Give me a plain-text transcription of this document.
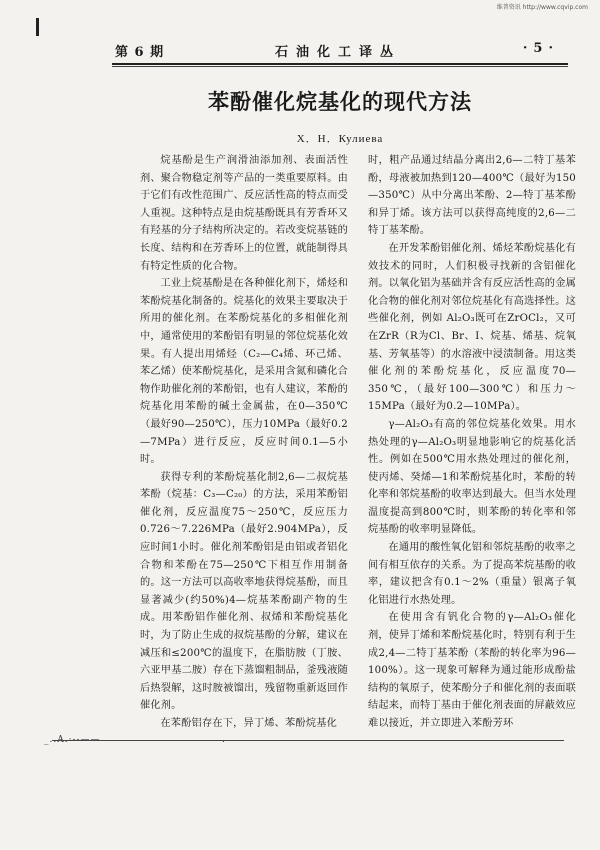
维普资讯 http://www.cqvip.com
第 6 期	石油化工译丛	·5·
苯酚催化烷基化的现代方法
X．H．Кулиева

烷基酚是生产润滑油添加剂、表面活性剂、聚合物稳定剂等产品的一类重要原料。由于它们有改性范围广、反应活性高的特点而受人重视。这种特点是由烷基酚既具有芳香环又有羟基的分子结构所决定的。若改变烷基链的长度、结构和在芳香环上的位置，就能制得具有特定性质的化合物。

工业上烷基酚是在各种催化剂下，烯烃和苯酚烷基化制备的。烷基化的效果主要取决于所用的催化剂。在苯酚烷基化的多相催化剂中，通常使用的苯酚铝有明显的邻位烷基化效果。有人提出用烯烃（C₂—C₄烯、环己烯、苯乙烯）使苯酚烷基化，是采用含氮和磷化合物作助催化剂的苯酚铝，也有人建议，苯酚的烷基化用苯酚的碱土金属盐，在0—350℃（最好90—250℃），压力10MPa（最好0.2—7MPa）进行反应，反应时间0.1—5小时。

获得专利的苯酚烷基化制2,6—二叔烷基苯酚（烷基：C₃—C₂₀）的方法，采用苯酚铝催化剂，反应温度75～250℃，反应压力0.726～7.226MPa（最好2.904MPa），反应时间1小时。催化剂苯酚铝是由铝或者铝化合物和苯酚在75—250℃下相互作用制备的。这一方法可以高收率地获得烷基酚，而且显著减少(约50%)4—烷基苯酚副产物的生成。用苯酚铝作催化剂、叔烯和苯酚烷基化时，为了防止生成的叔烷基酚的分解，建议在减压和≤200℃的温度下，在脂肪胺（丁胺、六亚甲基二胺）存在下蒸馏粗制品，釜残液随后热裂解，这时胺被馏出，残留物重新返回作催化剂。

在苯酚铝存在下，异丁烯、苯酚烷基化

时，粗产品通过结晶分离出2,6—二特丁基苯酚，母液被加热到120—400℃（最好为150—350℃）从中分离出苯酚、2—特丁基苯酚和异丁烯。该方法可以获得高纯度的2,6—二特丁基苯酚。

在开发苯酚铝催化剂、烯烃苯酚烷基化有效技术的同时，人们积极寻找新的含铝催化剂。以氧化铝为基础并含有反应活性高的金属化合物的催化剂对邻位烷基化有高选择性。这些催化剂，例如 Al₂O₃既可在ZrOCl₂，又可在ZrR（R为Cl、Br、I、烷基、烯基、烷氧基、芳氧基等）的水溶液中浸渍制备。用这类催化剂的苯酚烷基化，反应温度70—350℃，（最好100—300℃）和压力～15MPa（最好为0.2—10MPa）。

γ—Al₂O₃有高的邻位烷基化效果。用水热处理的γ—Al₂O₃明显地影响它的烷基化活性。例如在500℃用水热处理过的催化剂，使丙烯、癸烯—1和苯酚烷基化时，苯酚的转化率和邻烷基酚的收率达到最大。但当水处理温度提高到800℃时，则苯酚的转化率和邻烷基酚的收率明显降低。

在通用的酸性氧化铝和邻烷基酚的收率之间有相互依存的关系。为了提高苯烷基酚的收率，建议把含有0.1～2%（重量）银离子氧化铝进行水热处理。

在使用含有钒化合物的γ—Al₂O₃催化剂，使异丁烯和苯酚烷基化时，特别有利于生成2,4—二特丁基苯酚（苯酚的转化率为96—100%）。这一现象可解释为通过能形成酚盐结构的氧原子，使苯酚分子和催化剂的表面联结起来，而特丁基由于催化剂表面的屏蔽效应难以接近，并立即进入苯酚芳环

_..A.·--——	.
